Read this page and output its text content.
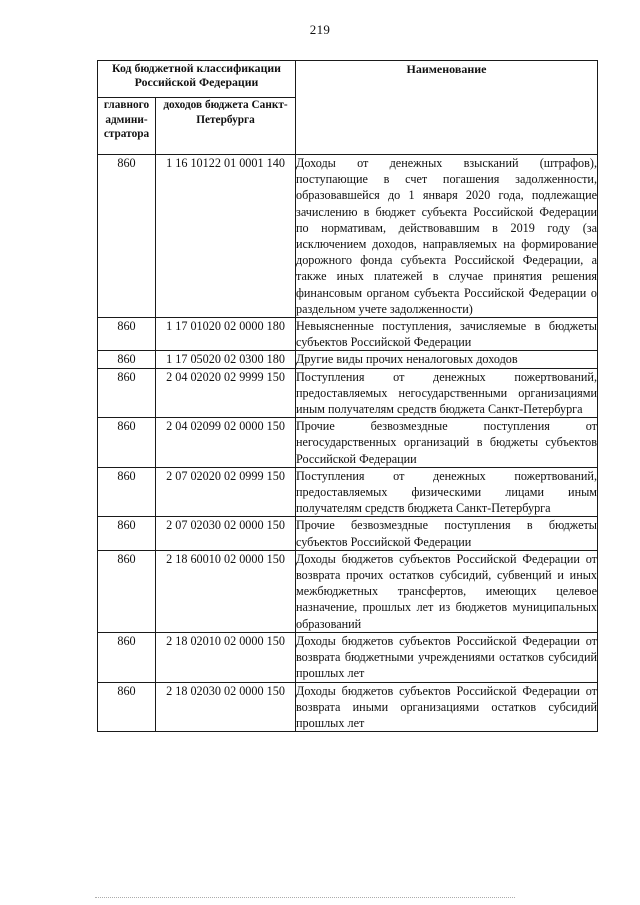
219
Код бюджетной классификации Российской Федерации		Наименование
главного админи-стратора	доходов бюджета Санкт-Петербурга	
860	1 16 10122 01 0001 140	Доходы от денежных взысканий (штрафов), поступающие в счет погашения задолженности, образовавшейся до 1 января 2020 года, подлежащие зачислению в бюджет субъекта Российской Федерации по нормативам, действовавшим в 2019 году (за исключением доходов, направляемых на формирование дорожного фонда субъекта Российской Федерации, а также иных платежей в случае принятия решения финансовым органом субъекта Российской Федерации о раздельном учете задолженности)
860	1 17 01020 02 0000 180	Невыясненные поступления, зачисляемые в бюджеты субъектов Российской Федерации
860	1 17 05020 02 0300 180	Другие виды прочих неналоговых доходов
860	2 04 02020 02 9999 150	Поступления от денежных пожертвований, предоставляемых негосударственными организациями иным получателям средств бюджета Санкт-Петербурга
860	2 04 02099 02 0000 150	Прочие безвозмездные поступления от негосударственных организаций в бюджеты субъектов Российской Федерации
860	2 07 02020 02 0999 150	Поступления от денежных пожертвований, предоставляемых физическими лицами иным получателям средств бюджета Санкт-Петербурга
860	2 07 02030 02 0000 150	Прочие безвозмездные поступления в бюджеты субъектов Российской Федерации
860	2 18 60010 02 0000 150	Доходы бюджетов субъектов Российской Федерации от возврата прочих остатков субсидий, субвенций и иных межбюджетных трансфертов, имеющих целевое назначение, прошлых лет из бюджетов муниципальных образований
860	2 18 02010 02 0000 150	Доходы бюджетов субъектов Российской Федерации от возврата бюджетными учреждениями остатков субсидий прошлых лет
860	2 18 02030 02 0000 150	Доходы бюджетов субъектов Российской Федерации от возврата иными организациями остатков субсидий прошлых лет
